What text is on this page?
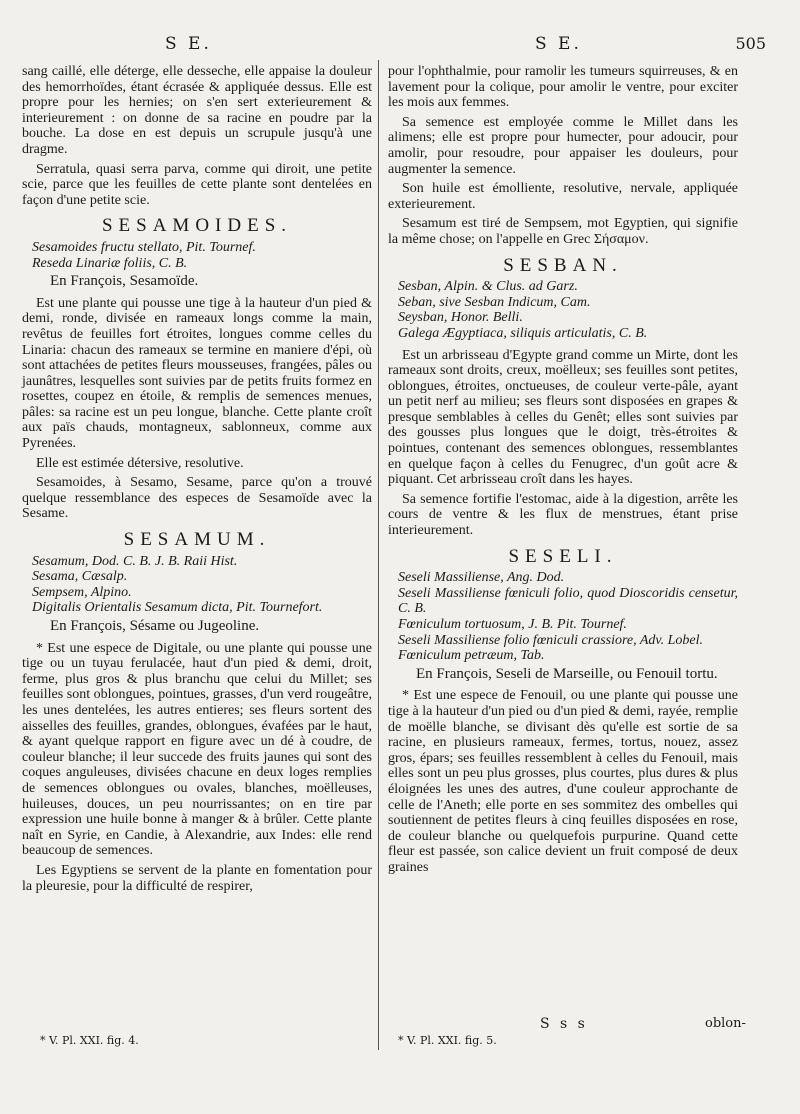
S E.	S E.	505

sang caillé, elle déterge, elle desseche, elle appaise la douleur des hemorrhoïdes, étant écrasée & appliquée dessus. Elle est propre pour les hernies; on s'en sert exterieurement & interieurement : on donne de sa racine en poudre par la bouche. La dose en est depuis un scrupule jusqu'à une dragme.

Serratula, quasi serra parva, comme qui diroit, une petite scie, parce que les feuilles de cette plante sont dentelées en façon d'une petite scie.

SESAMOIDES.

Sesamoides fructu stellato, Pit. Tournef.

Reseda Linariæ foliis, C. B.

En François, Sesamoïde.

Est une plante qui pousse une tige à la hauteur d'un pied & demi, ronde, divisée en rameaux longs comme la main, revêtus de feuilles fort étroites, longues comme celles du Linaria: chacun des rameaux se termine en maniere d'épi, où sont attachées de petites fleurs mousseuses, frangées, pâles ou jaunâtres, lesquelles sont suivies par de petits fruits formez en rosettes, coupez en étoile, & remplis de semences menues, pâles: sa racine est un peu longue, blanche. Cette plante croît aux païs chauds, montagneux, sablonneux, comme aux Pyrenées.

Elle est estimée détersive, resolutive.

Sesamoides, à Sesamo, Sesame, parce qu'on a trouvé quelque ressemblance des especes de Sesamoïde avec la Sesame.

SESAMUM.

Sesamum, Dod. C. B. J. B. Raii Hist.

Sesama, Cæsalp.

Sempsem, Alpino.

Digitalis Orientalis Sesamum dicta, Pit. Tournefort.

En François, Sésame ou Jugeoline.

* Est une espece de Digitale, ou une plante qui pousse une tige ou un tuyau ferulacée, haut d'un pied & demi, droit, ferme, plus gros & plus branchu que celui du Millet; ses feuilles sont oblongues, pointues, grasses, d'un verd rougeâtre, les unes dentelées, les autres entieres; ses fleurs sortent des aisselles des feuilles, grandes, oblongues, évafées par le haut, & ayant quelque rapport en figure avec un dé à coudre, de couleur blanche; il leur succede des fruits jaunes qui sont des coques anguleuses, divisées chacune en deux loges remplies de semences oblongues ou ovales, blanches, moëlleuses, huileuses, douces, un peu nourrissantes; on en tire par expression une huile bonne à manger & à brûler. Cette plante naît en Syrie, en Candie, à Alexandrie, aux Indes: elle rend beaucoup de semences.

Les Egyptiens se servent de la plante en fomentation pour la pleuresie, pour la difficulté de respirer,

pour l'ophthalmie, pour ramolir les tumeurs squirreuses, & en lavement pour la colique, pour amolir le ventre, pour exciter les mois aux femmes.

Sa semence est employée comme le Millet dans les alimens; elle est propre pour humecter, pour adoucir, pour amolir, pour resoudre, pour appaiser les douleurs, pour augmenter la semence.

Son huile est émolliente, resolutive, nervale, appliquée exterieurement.

Sesamum est tiré de Sempsem, mot Egyptien, qui signifie la même chose; on l'appelle en Grec Σήσαμον.

SESBAN.

Sesban, Alpin. & Clus. ad Garz.

Seban, sive Sesban Indicum, Cam.

Seysban, Honor. Belli.

Galega Ægyptiaca, siliquis articulatis, C. B.

Est un arbrisseau d'Egypte grand comme un Mirte, dont les rameaux sont droits, creux, moëlleux; ses feuilles sont petites, oblongues, étroites, onctueuses, de couleur verte-pâle, ayant un petit nerf au milieu; ses fleurs sont disposées en grapes & presque semblables à celles du Genêt; elles sont suivies par des gousses plus longues que le doigt, très-étroites & pointues, contenant des semences oblongues, ressemblantes en quelque façon à celles du Fenugrec, d'un goût acre & piquant. Cet arbrisseau croît dans les hayes.

Sa semence fortifie l'estomac, aide à la digestion, arrête les cours de ventre & les flux de menstrues, étant prise interieurement.

SESELI.

Seseli Massiliense, Ang. Dod.

Seseli Massiliense fœniculi folio, quod Dioscoridis censetur, C. B.

Fœniculum tortuosum, J. B. Pit. Tournef.

Seseli Massiliense folio fœniculi crassiore, Adv. Lobel.

Fœniculum petræum, Tab.

En François, Seseli de Marseille, ou Fenouil tortu.

* Est une espece de Fenouil, ou une plante qui pousse une tige à la hauteur d'un pied ou d'un pied & demi, rayée, remplie de moëlle blanche, se divisant dès qu'elle est sortie de sa racine, en plusieurs rameaux, fermes, tortus, nouez, assez gros, épars; ses feuilles ressemblent à celles du Fenouil, mais elles sont un peu plus grosses, plus courtes, plus dures & plus éloignées les unes des autres, d'une couleur approchante de celle de l'Aneth; elle porte en ses sommitez des ombelles qui soutiennent de petites fleurs à cinq feuilles disposées en rose, de couleur blanche ou quelquefois purpurine. Quand cette fleur est passée, son calice devient un fruit composé de deux graines

S s s	oblon-
* V. Pl. XXI. fig. 4.	* V. Pl. XXI. fig. 5.
